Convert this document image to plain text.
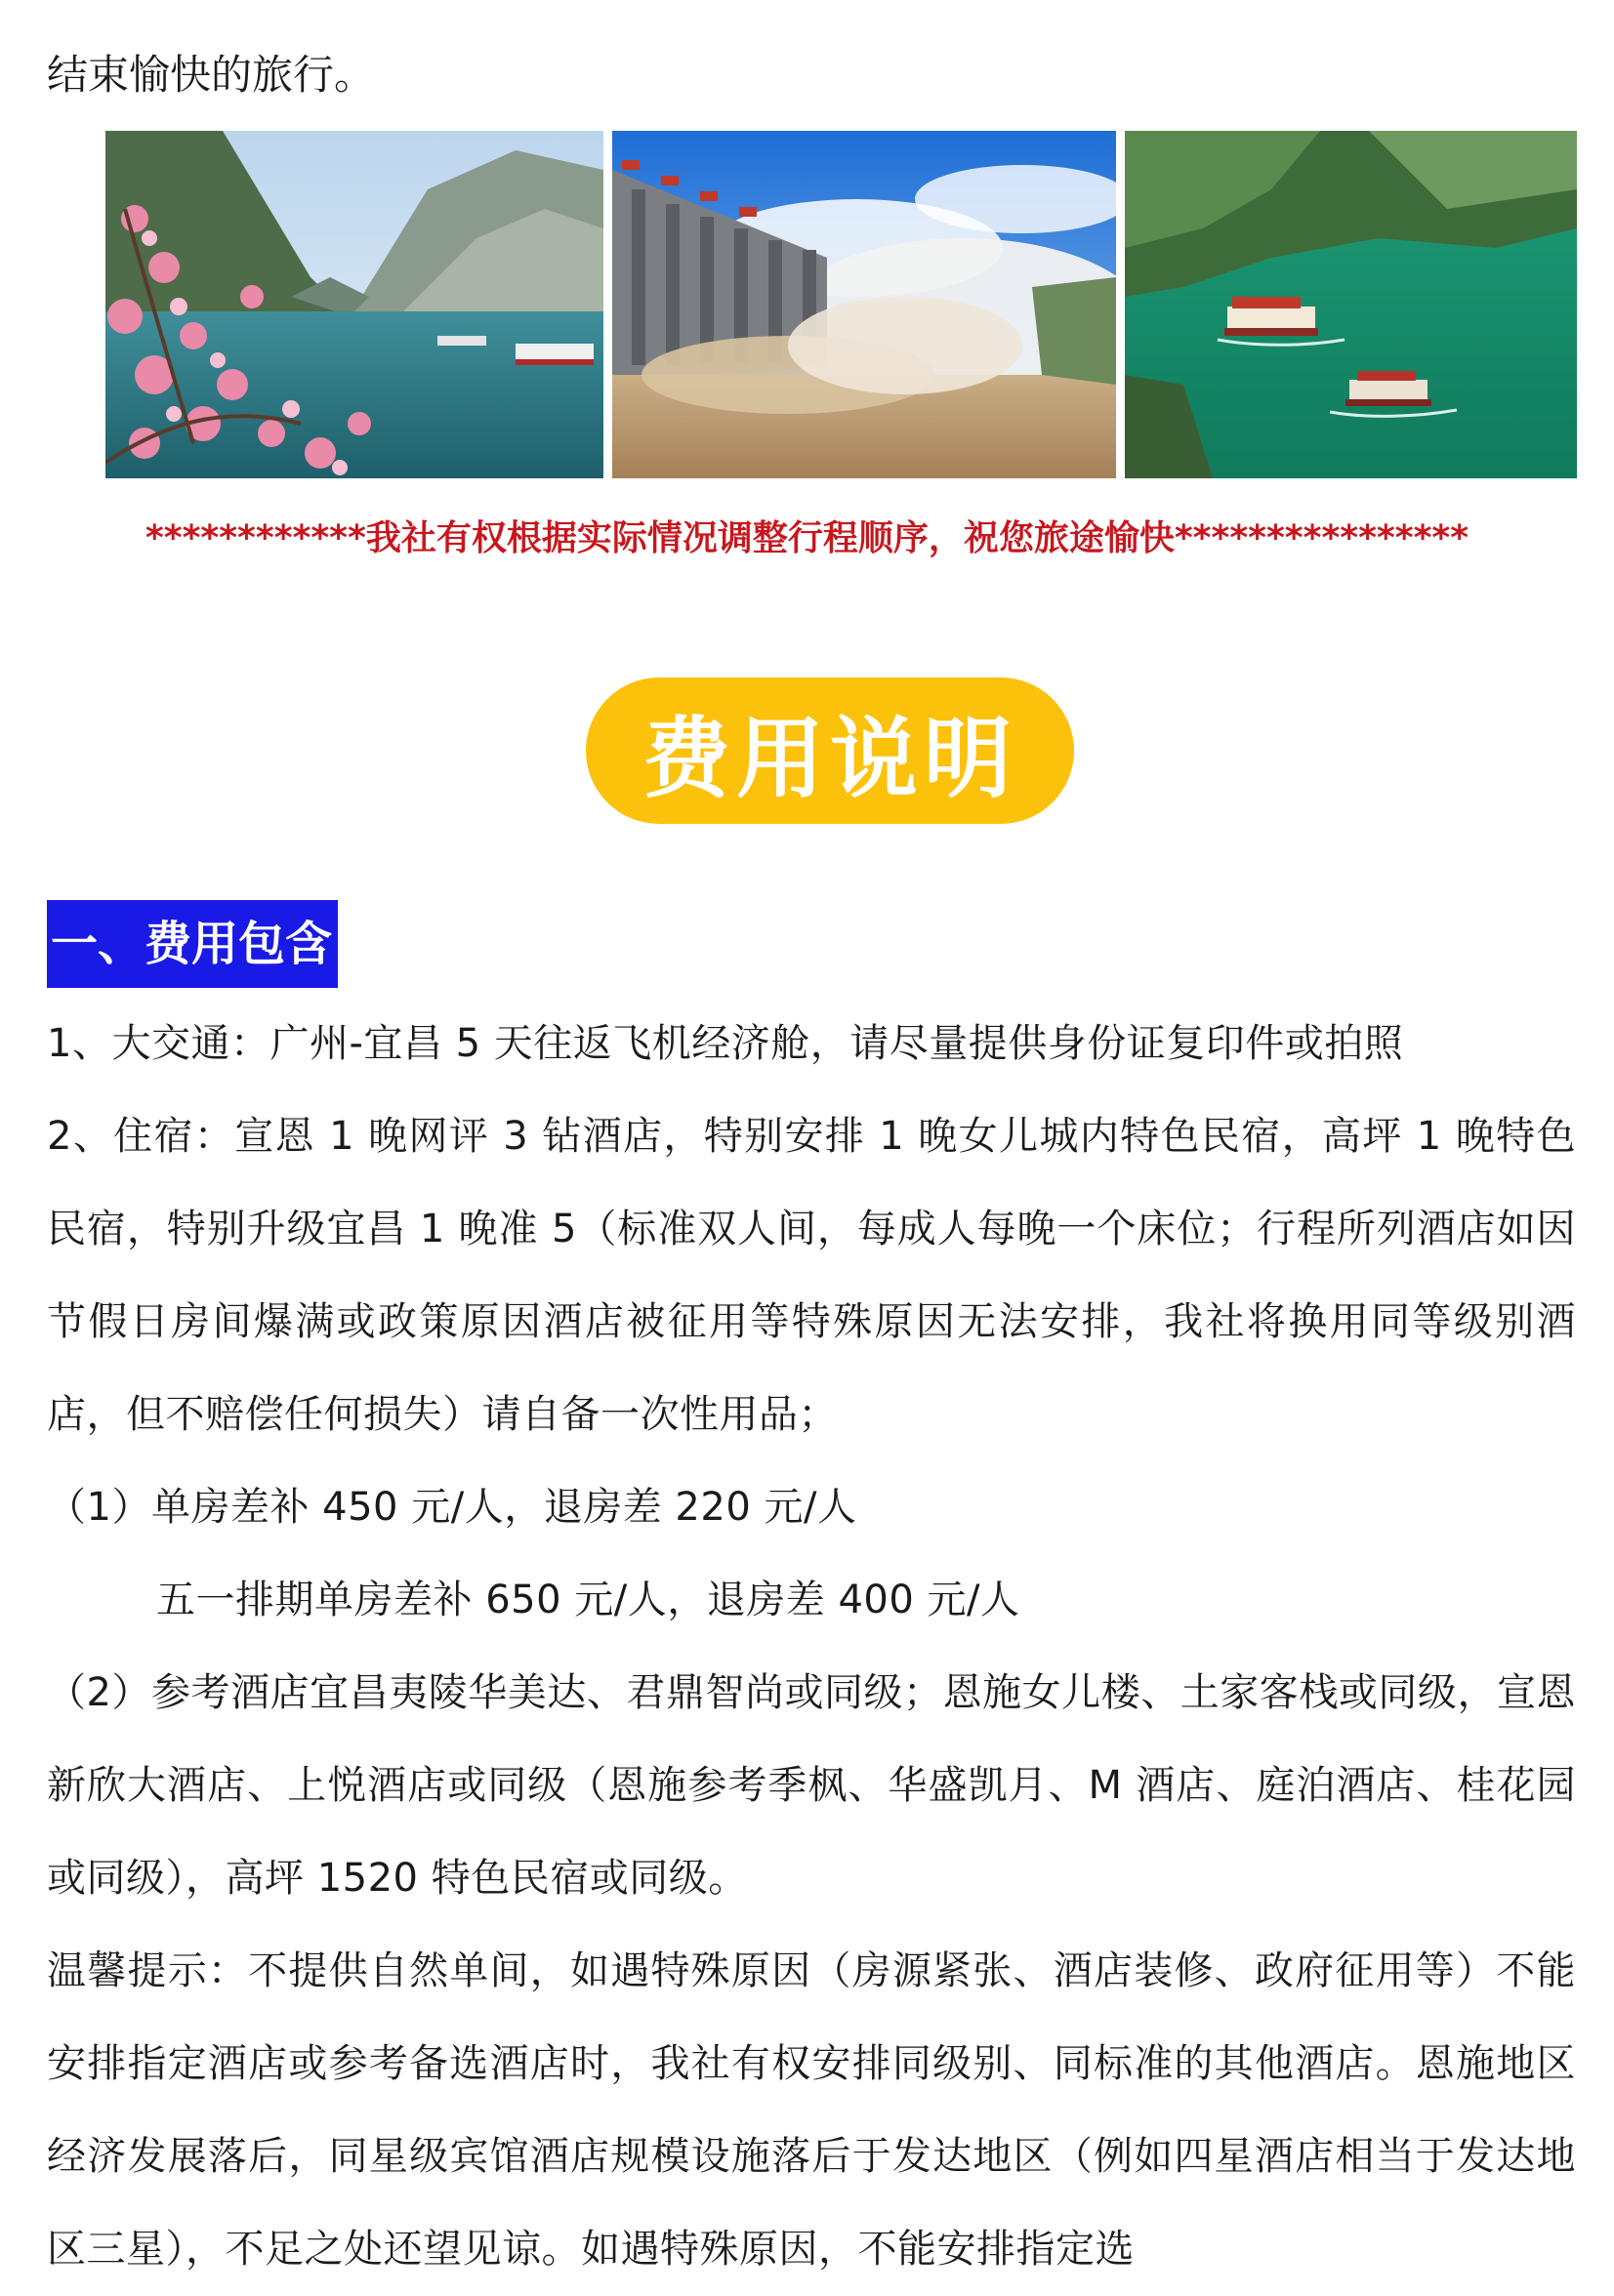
结束愉快的旅行。
************我社有权根据实际情况调整行程顺序，祝您旅途愉快****************
费用说明
一、费用包含
1、大交通：广州-宜昌 5 天往返飞机经济舱，请尽量提供身份证复印件或拍照
2、住宿：宣恩 1 晚网评 3 钻酒店，特别安排 1 晚女儿城内特色民宿，高坪 1 晚特色民宿，特别升级宜昌 1 晚准 5（标准双人间，每成人每晚一个床位；行程所列酒店如因节假日房间爆满或政策原因酒店被征用等特殊原因无法安排，我社将换用同等级别酒店，但不赔偿任何损失）请自备一次性用品；
（1）单房差补 450 元/人，退房差 220 元/人
五一排期单房差补 650 元/人，退房差 400 元/人
（2）参考酒店宜昌夷陵华美达、君鼎智尚或同级；恩施女儿楼、土家客栈或同级，宣恩新欣大酒店、上悦酒店或同级（恩施参考季枫、华盛凯月、M 酒店、庭泊酒店、桂花园或同级），高坪 1520 特色民宿或同级。
温馨提示：不提供自然单间，如遇特殊原因（房源紧张、酒店装修、政府征用等）不能安排指定酒店或参考备选酒店时，我社有权安排同级别、同标准的其他酒店。恩施地区经济发展落后，同星级宾馆酒店规模设施落后于发达地区（例如四星酒店相当于发达地区三星），不足之处还望见谅。如遇特殊原因，不能安排指定选
